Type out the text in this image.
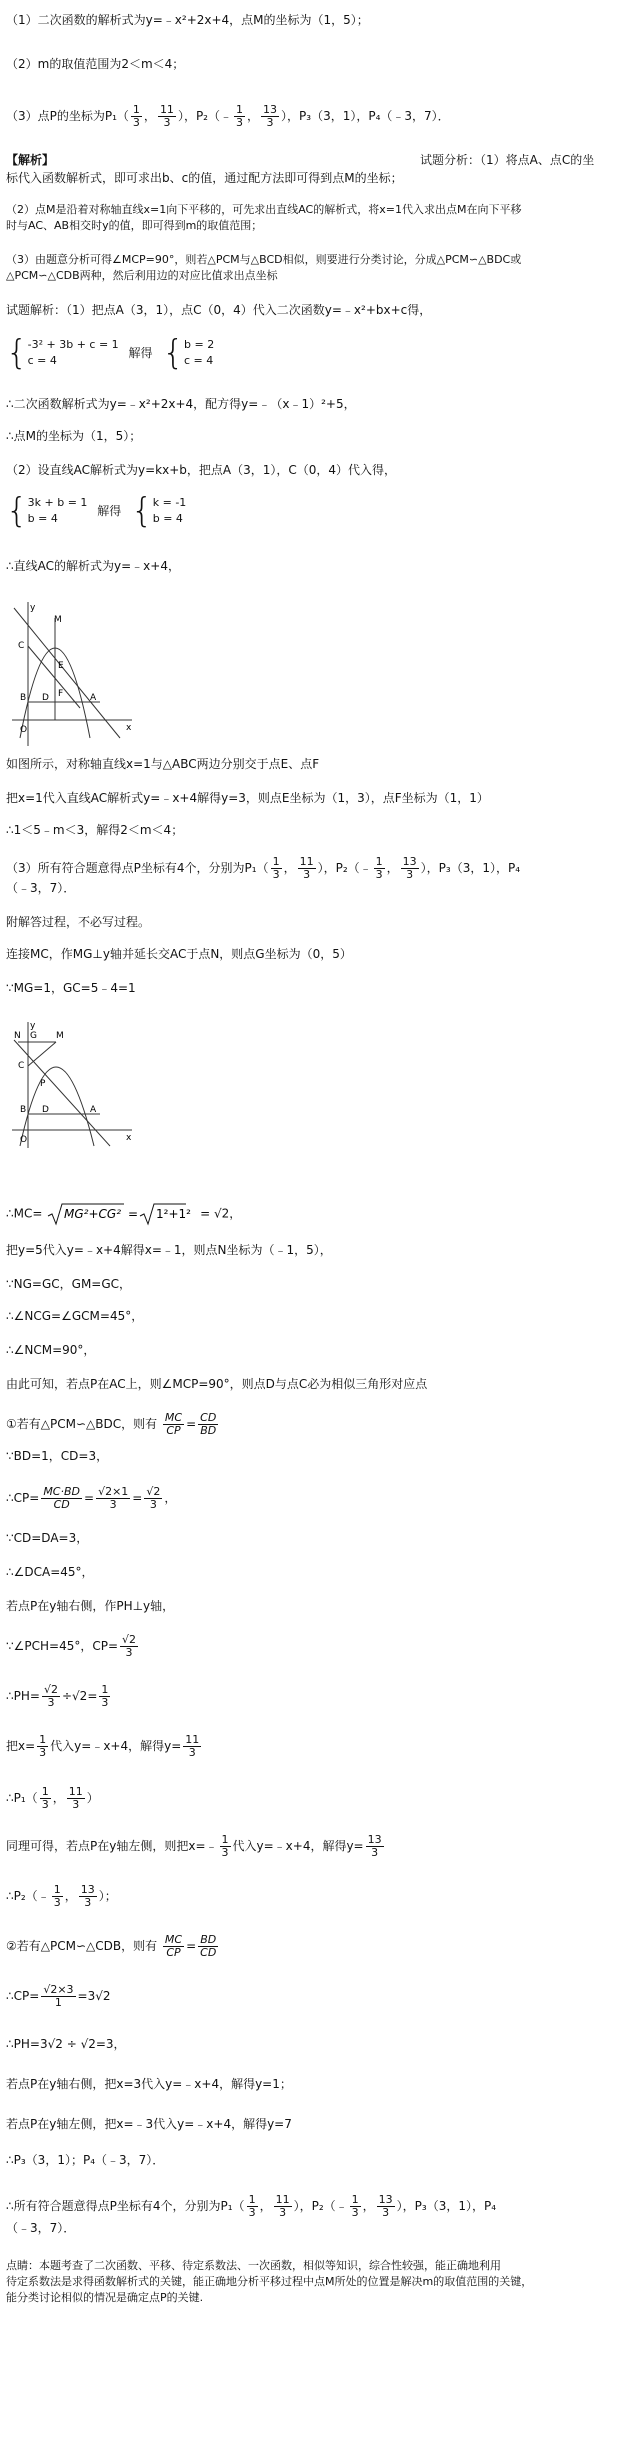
（1）二次函数的解析式为y=﹣x²+2x+4，点M的坐标为（1，5）；
（2）m的取值范围为2＜m＜4；
（3）点P的坐标为$P_1( \frac{1}{3}$ ， $\frac{11}{3}$ ），P₂（﹣ $\frac{1}{3}$ ， $\frac{13}{3}$ ），P₃（3，1），P₄（﹣3，7）．
【解析】	试题分析：（1）将点A、点C的坐
标代入函数解析式，即可求出b、c的值，通过配方法即可得到点M的坐标；
（2）点M是沿着对称轴直线x=1向下平移的，可先求出直线AC的解析式，将x=1代入求出点M在向下平移
时与AC、AB相交时y的值，即可得到m的取值范围；
（3）由题意分析可得∠MCP=90°，则若△PCM与△BCD相似，则要进行分类讨论，分成△PCM∽△BDC或
△PCM∽△CDB两种，然后利用边的对应比值求出点坐标
试题解析：（1）把点A（3，1），点C（0，4）代入二次函数y=﹣x²+bx+c得，
{-3² + 3b + c = 1
c = 4 解得 {b = 2
c = 4
∴二次函数解析式为y=﹣x²+2x+4，配方得y=﹣（x﹣1）²+5，
∴点M的坐标为（1，5）；
（2）设直线AC解析式为y=kx+b，把点A（3，1），C（0，4）代入得，
{3k + b = 1
b = 4 解得 {k = -1
b = 4
∴直线AC的解析式为y=﹣x+4，
y
x
M
C
E
F
B D
O
A
如图所示，对称轴直线x=1与△ABC两边分别交于点E、点F
把x=1代入直线AC解析式y=﹣x+4解得y=3，则点E坐标为（1，3），点F坐标为（1，1）
∴1＜5﹣m＜3，解得2＜m＜4；
（3）所有符合题意得点P坐标有4个，分别为$P_1( \frac{1}{3}$ ， $\frac{11}{3}$ ），P₂（﹣ $\frac{1}{3}$ ， $\frac{13}{3}$ ），P₃（3，1），P₄
（﹣3，7）．
附解答过程，不必写过程。
连接MC，作MG⊥y轴并延长交AC于点N，则点G坐标为（0，5）
∵MG=1，GC=5﹣4=1
y
x
N G M
C
P
B D	A
O
∴MC= MG²+CG² = 1²+1² = √2，
把y=5代入y=﹣x+4解得x=﹣1，则点N坐标为（﹣1，5），
∵NG=GC，GM=GC，
∴∠NCG=∠GCM=45°，
∴∠NCM=90°，
由此可知，若点P在AC上，则∠MCP=90°，则点D与点C必为相似三角形对应点
①若有△PCM∽△BDC，则有 $\frac{MC}{CP} = \frac{CD}{BD}$
∵BD=1，CD=3，
∴CP= $\frac{MC\cdot BD}{CD} = \frac{√2\times 1}{3} = \frac{√2}{3}$ ，
∵CD=DA=3，
∴∠DCA=45°，
若点P在y轴右侧，作PH⊥y轴，
∵∠PCH=45°，$CP= \frac{√2}{3}$
∴PH= $\frac{√2}{3} \div√2= \frac{1}{3}$
把$x= \frac{1}{3}$ 代入y=﹣x+4，解得$y= \frac{11}{3}$
∴P₁（ $\frac{1}{3}$ ， $\frac{11}{3}$ ）
同理可得，若点P在y轴左侧，则把x=﹣ $\frac{1}{3}$ 代入y=﹣x+4，解得$y= \frac{13}{3}$
∴P₂（﹣ $\frac{1}{3}$ ， $\frac{13}{3}$ ）；
②若有△PCM∽△CDB，则有 $\frac{MC}{CP} = \frac{BD}{CD}$
∴CP= $\frac{√2\times 3}{1} =3√2$
∴PH=3√2 ÷ √2=3，
若点P在y轴右侧，把x=3代入y=﹣x+4，解得y=1；
若点P在y轴左侧，把x=﹣3代入y=﹣x+4，解得y=7
∴P₃（3，1）；P₄（﹣3，7）．
∴所有符合题意得点P坐标有4个，分别为$P_1( \frac{1}{3}$ ， $\frac{11}{3}$ ），P₂（﹣ $\frac{1}{3}$ ， $\frac{13}{3}$ ），P₃（3，1），P₄
（﹣3，7）．
点睛：本题考查了二次函数、平移、待定系数法、一次函数，相似等知识，综合性较强，能正确地利用
待定系数法是求得函数解析式的关键，能正确地分析平移过程中点M所处的位置是解决m的取值范围的关键，
能分类讨论相似的情况是确定点P的关键.
